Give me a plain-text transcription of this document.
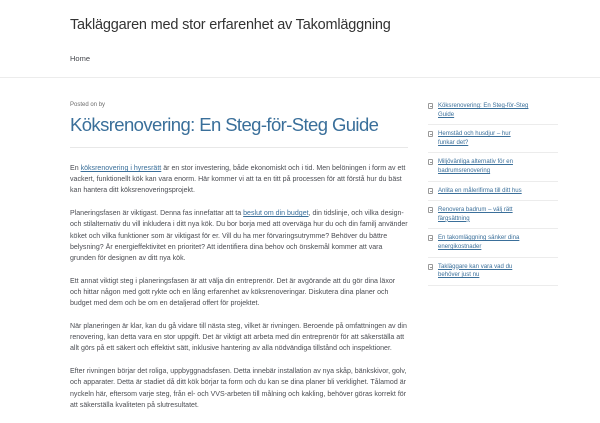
Takläggaren med stor erfarenhet av Takomläggning
Home
Posted on by
Köksrenovering: En Steg-för-Steg Guide

En köksrenovering i hyresrätt är en stor investering, både ekonomiskt och i tid. Men belöningen i form av ett vackert, funktionellt kök kan vara enorm. Här kommer vi att ta en titt på processen för att förstå hur du bäst kan hantera ditt köksrenoveringsprojekt.

Planeringsfasen är viktigast. Denna fas innefattar att ta beslut om din budget, din tidslinje, och vilka design- och stilalternativ du vill inkludera i ditt nya kök. Du bor borja med att overväga hur du och din familj använder köket och vilka funktioner som är viktigast för er. Vill du ha mer förvaringsutrymme? Behöver du bättre belysning? Är energieffektivitet en prioritet? Att identifiera dina behov och önskemål kommer att vara grunden för designen av ditt nya kök.

Ett annat viktigt steg i planeringsfasen är att välja din entreprenör. Det är avgörande att du gör dina läxor och hittar någon med gott rykte och en lång erfarenhet av köksrenoveringar. Diskutera dina planer och budget med dem och be om en detaljerad offert för projektet.

När planeringen är klar, kan du gå vidare till nästa steg, vilket är rivningen. Beroende på omfattningen av din renovering, kan detta vara en stor uppgift. Det är viktigt att arbeta med din entreprenör för att säkerställa att allt görs på ett säkert och effektivt sätt, inklusive hantering av alla nödvändiga tillstånd och inspektioner.

Efter rivningen börjar det roliga, uppbyggnadsfasen. Detta innebär installation av nya skåp, bänkskivor, golv, och apparater. Detta är stadiet då ditt kök börjar ta form och du kan se dina planer bli verklighet. Tålamod är nyckeln här, eftersom varje steg, från el- och VVS-arbeten till målning och kakling, behöver göras korrekt för att säkerställa kvaliteten på slutresultatet.

Köksrenovering: En Steg-för-Steg
Guide
Hemstäd och husdjur – hur
funkar det?
Miljövänliga alternativ för en
badrumsrenovering
Anlita en målerifirma till ditt hus
Renovera badrum – välj rätt
färgsättning
En takomläggning sänker dina
energikostnader
Takläggare kan vara vad du
behöver just nu
